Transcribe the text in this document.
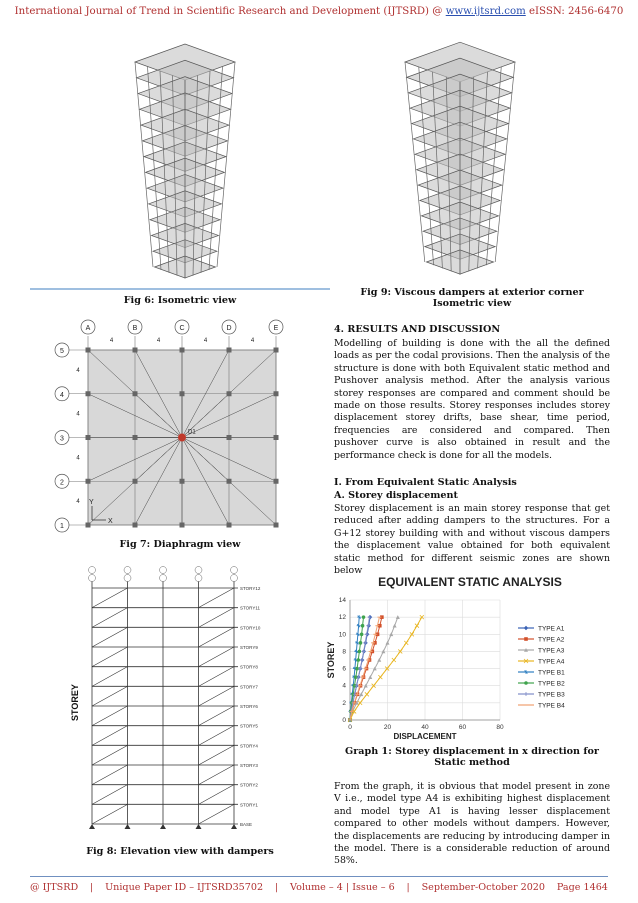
International Journal of Trend in Scientific Research and Development (IJTSRD) @ www.ijtsrd.com eISSN: 2456-6470
Fig 6: Isometric view
Fig 9: Viscous dampers at exterior corner Isometric view
A	B	C	D	E
5
4
3
2
1
4
4
4
4
4
4
4
4
D1
X
Y
Fig 7: Diaphragm view
STORY12
STORY11
STORY10
STORY9
STORY8
STORY7
STORY6
STORY5
STORY4
STORY3
STORY2
STORY1
BASE
STOREY
Fig 8: Elevation view with dampers
4. RESULTS AND DISCUSSION
Modelling of building is done with the all the defined loads as per the codal provisions. Then the analysis of the structure is done with both Equivalent static method and Pushover analysis method. After the analysis various storey responses are compared and comment should be made on those results. Storey responses includes storey displacement storey drifts, base shear, time period, frequencies are considered and compared. Then pushover curve is also obtained in result and the performance check is done for all the models.
I. From Equivalent Static Analysis
A. Storey displacement
Storey displacement is an main storey response that get reduced after adding dampers to the structures. For a G+12 storey building with and without viscous dampers the displacement value obtained for both equivalent static method for different seismic zones are shown below
EQUIVALENT STATIC ANALYSIS
0	20	40	60	80
0
2
4
6
8
10
12
14
DISPLACEMENT
STOREY
TYPE A1
TYPE A2
TYPE A3
TYPE A4
TYPE B1
TYPE B2
TYPE B3
TYPE B4
Graph 1: Storey displacement in x direction for Static method
From the graph, it is obvious that model present in zone V i.e., model type A4 is exhibiting highest displacement and model type A1 is having lesser displacement compared to other models without dampers. However, the displacements are reducing by introducing damper in the model. There is a considerable reduction of around 58%.
@ IJTSRD | Unique Paper ID – IJTSRD35702 | Volume – 4 | Issue – 6 | September-October 2020 Page 1464
